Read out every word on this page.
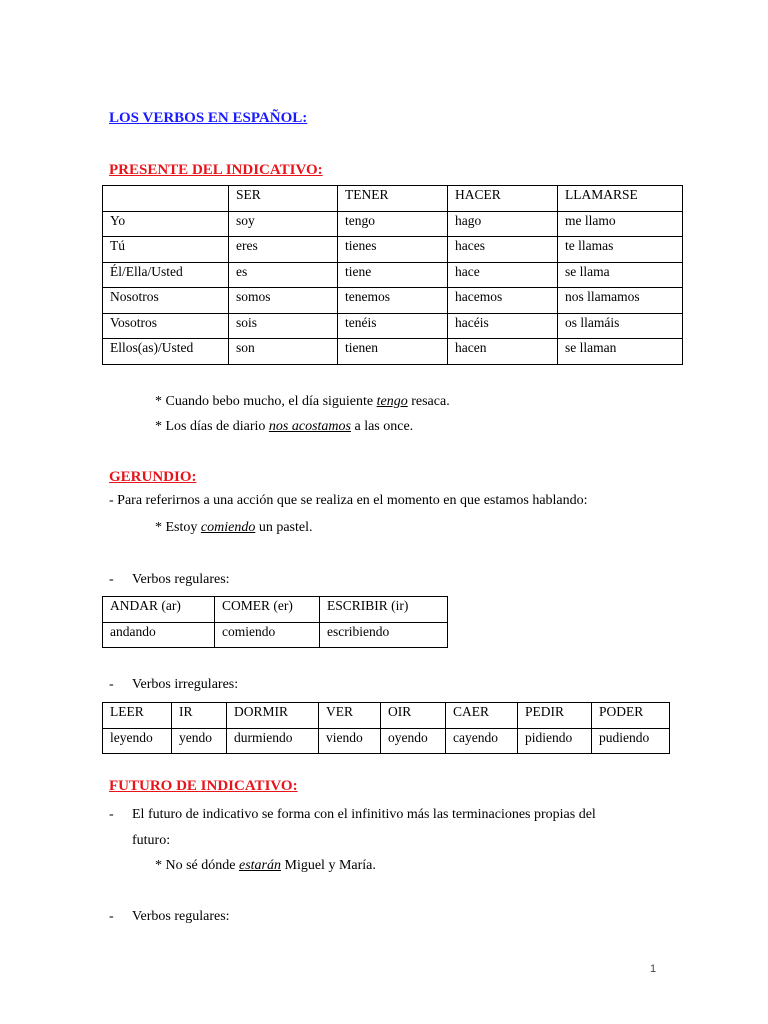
LOS VERBOS EN ESPAÑOL:
PRESENTE DEL INDICATIVO:
	SER	TENER	HACER	LLAMARSE
Yo	soy	tengo	hago	me llamo
Tú	eres	tienes	haces	te llamas
Él/Ella/Usted	es	tiene	hace	se llama
Nosotros	somos	tenemos	hacemos	nos llamamos
Vosotros	sois	tenéis	hacéis	os llamáis
Ellos(as)/Usted	son	tienen	hacen	se llaman
* Cuando bebo mucho, el día siguiente tengo resaca.
* Los días de diario nos acostamos a las once.
GERUNDIO:
- Para referirnos a una acción que se realiza en el momento en que estamos hablando:
* Estoy comiendo un pastel.
- Verbos regulares:
ANDAR (ar)	COMER (er)	ESCRIBIR (ir)
andando	comiendo	escribiendo
- Verbos irregulares:
LEER	IR	DORMIR	VER	OIR	CAER	PEDIR	PODER
leyendo	yendo	durmiendo	viendo	oyendo	cayendo	pidiendo	pudiendo
FUTURO DE INDICATIVO:
- El futuro de indicativo se forma con el infinitivo más las terminaciones propias del
futuro:
* No sé dónde estarán Miguel y María.
- Verbos regulares:
1
